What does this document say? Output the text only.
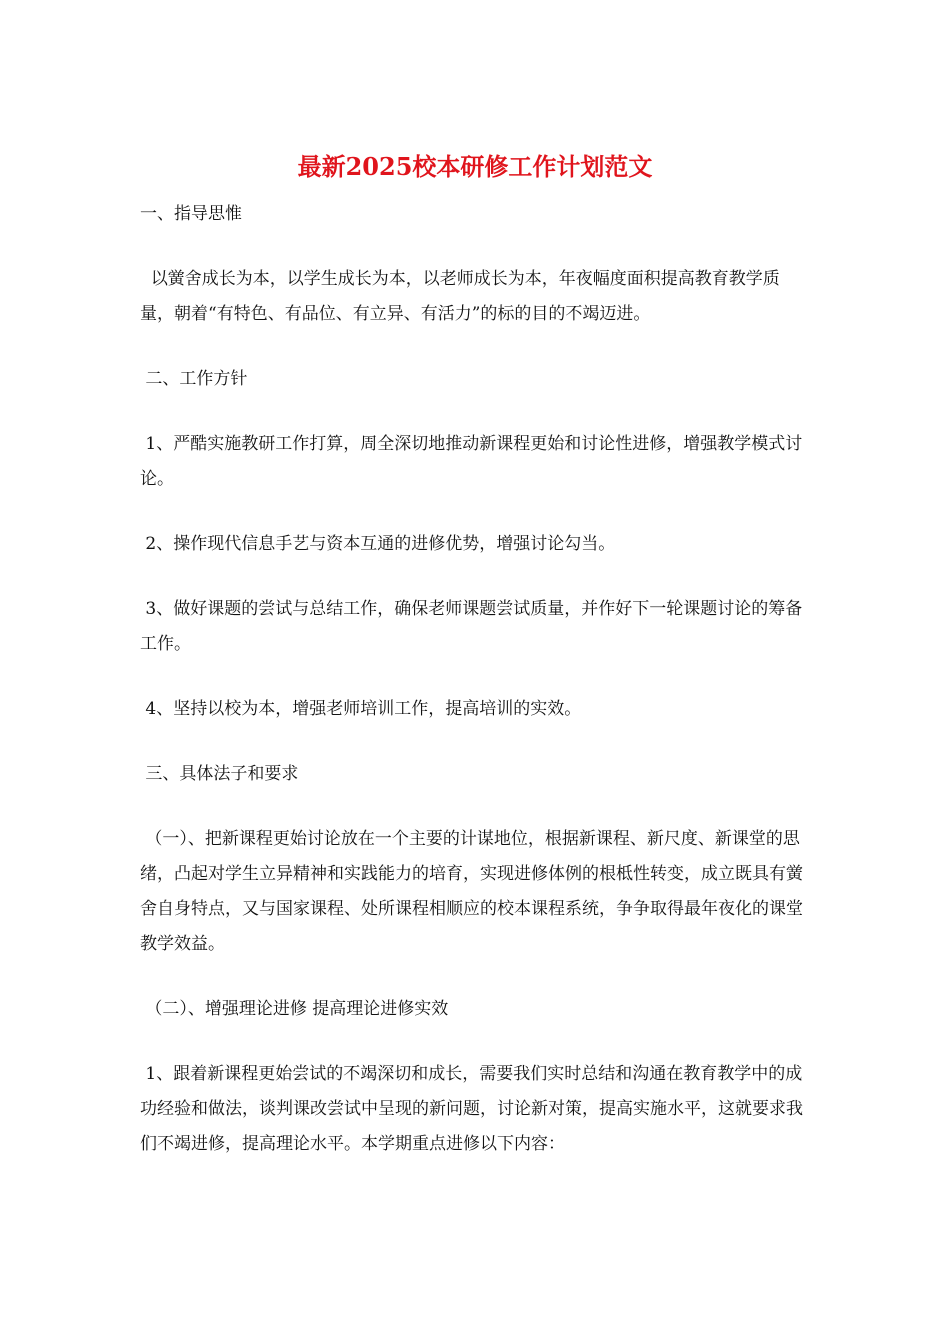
最新2025校本研修工作计划范文

一、指导思惟

以黉舍成长为本，以学生成长为本，以老师成长为本，年夜幅度面积提高教育教学质量，朝着“有特色、有品位、有立异、有活力”的标的目的不竭迈进。

二、工作方针

1、严酷实施教研工作打算，周全深切地推动新课程更始和讨论性进修，增强教学模式讨论。

2、操作现代信息手艺与资本互通的进修优势，增强讨论勾当。

3、做好课题的尝试与总结工作，确保老师课题尝试质量，并作好下一轮课题讨论的筹备工作。

4、坚持以校为本，增强老师培训工作，提高培训的实效。

三、具体法子和要求

（一）、把新课程更始讨论放在一个主要的计谋地位，根据新课程、新尺度、新课堂的思绪，凸起对学生立异精神和实践能力的培育，实现进修体例的根柢性转变，成立既具有黉舍自身特点，又与国家课程、处所课程相顺应的校本课程系统，争争取得最年夜化的课堂教学效益。

（二）、增强理论进修 提高理论进修实效

1、跟着新课程更始尝试的不竭深切和成长，需要我们实时总结和沟通在教育教学中的成功经验和做法，谈判课改尝试中呈现的新问题，讨论新对策，提高实施水平，这就要求我们不竭进修，提高理论水平。本学期重点进修以下内容：
